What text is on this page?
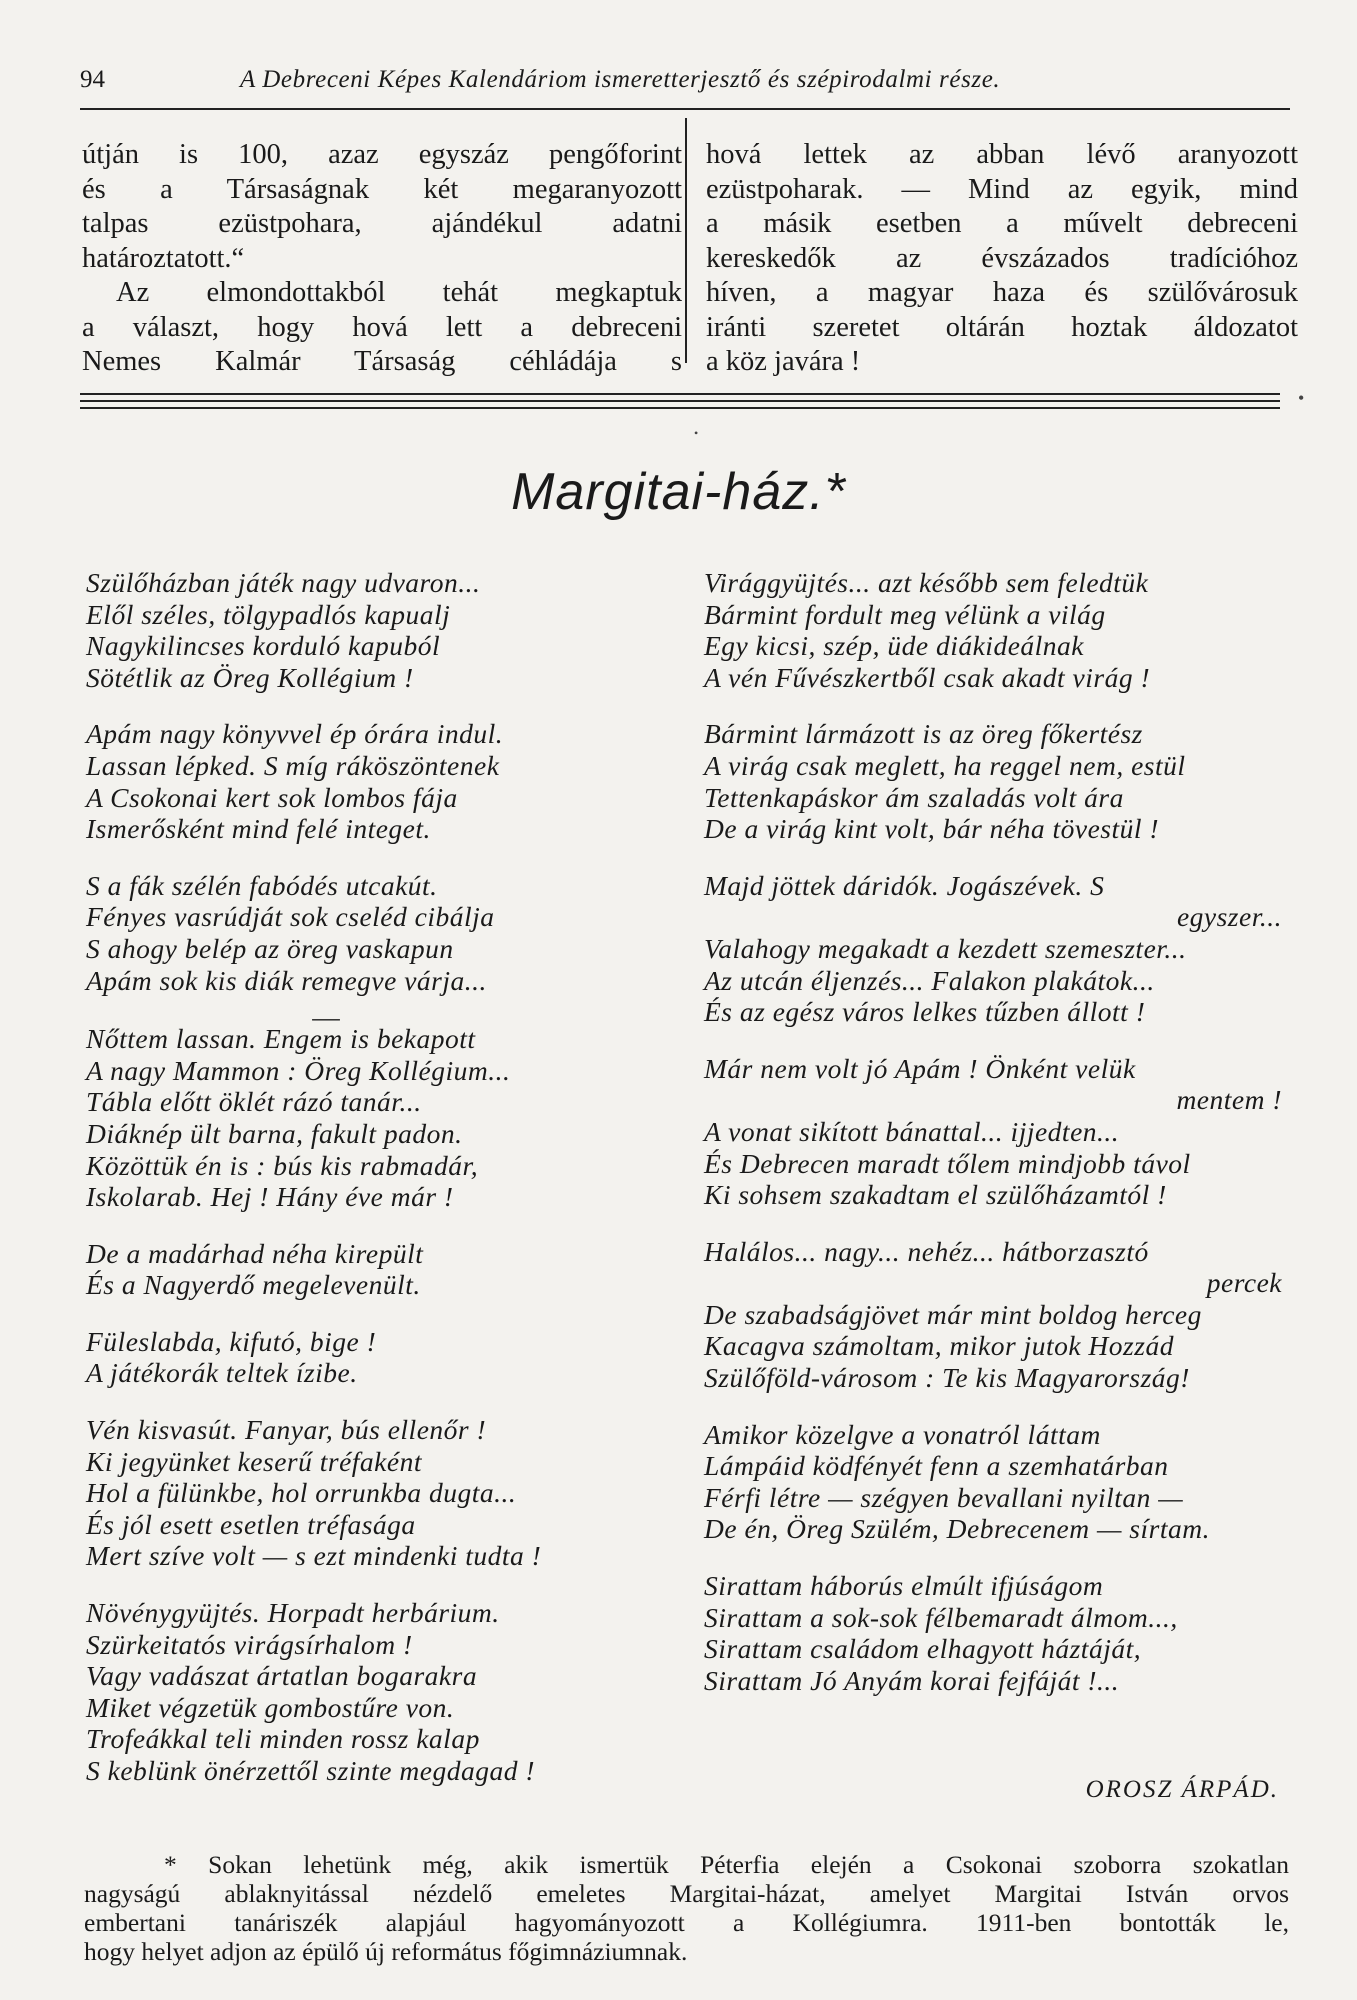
94	A Debreceni Képes Kalendáriom ismeretterjesztő és szépirodalmi része.
útján is 100, azaz egyszáz pengőforint
és a Társaságnak két megaranyozott
talpas ezüstpohara, ajándékul adatni
határoztatott.“
Az elmondottakból tehát megkaptuk
a választ, hogy hová lett a debreceni
Nemes Kalmár Társaság céhládája s
hová lettek az abban lévő aranyozott
ezüstpoharak. — Mind az egyik, mind
a másik esetben a művelt debreceni
kereskedők az évszázados tradícióhoz
híven, a magyar haza és szülővárosuk
iránti szeretet oltárán hoztak áldozatot
a köz javára !
•
•
Margitai-ház.*
Szülőházban játék nagy udvaron...
Elől széles, tölgypadlós kapualj
Nagykilincses korduló kapuból
Sötétlik az Öreg Kollégium !
Apám nagy könyvvel ép órára indul.
Lassan lépked. S míg ráköszöntenek
A Csokonai kert sok lombos fája
Ismerősként mind felé integet.
S a fák szélén fabódés utcakút.
Fényes vasrúdját sok cseléd cibálja
S ahogy belép az öreg vaskapun
Apám sok kis diák remegve várja...
—
Nőttem lassan. Engem is bekapott
A nagy Mammon : Öreg Kollégium...
Tábla előtt öklét rázó tanár...
Diáknép ült barna, fakult padon.
Közöttük én is : bús kis rabmadár,
Iskolarab. Hej ! Hány éve már !
De a madárhad néha kirepült
És a Nagyerdő megelevenült.
Füleslabda, kifutó, bige !
A játékorák teltek ízibe.
Vén kisvasút. Fanyar, bús ellenőr !
Ki jegyünket keserű tréfaként
Hol a fülünkbe, hol orrunkba dugta...
És jól esett esetlen tréfasága
Mert szíve volt — s ezt mindenki tudta !
Növénygyüjtés. Horpadt herbárium.
Szürkeitatós virágsírhalom !
Vagy vadászat ártatlan bogarakra
Miket végzetük gombostűre von.
Trofeákkal teli minden rossz kalap
S keblünk önérzettől szinte megdagad !
Virággyüjtés... azt később sem feledtük
Bármint fordult meg vélünk a világ
Egy kicsi, szép, üde diákideálnak
A vén Fűvészkertből csak akadt virág !
Bármint lármázott is az öreg főkertész
A virág csak meglett, ha reggel nem, estül
Tettenkapáskor ám szaladás volt ára
De a virág kint volt, bár néha tövestül !
Majd jöttek dáridók. Jogászévek. S
egyszer...
Valahogy megakadt a kezdett szemeszter...
Az utcán éljenzés... Falakon plakátok...
És az egész város lelkes tűzben állott !
Már nem volt jó Apám ! Önként velük
mentem !
A vonat sikított bánattal... ijjedten...
És Debrecen maradt tőlem mindjobb távol
Ki sohsem szakadtam el szülőházamtól !
Halálos... nagy... nehéz... hátborzasztó
percek
De szabadságjövet már mint boldog herceg
Kacagva számoltam, mikor jutok Hozzád
Szülőföld-városom : Te kis Magyarország!
Amikor közelgve a vonatról láttam
Lámpáid ködfényét fenn a szemhatárban
Férfi létre — szégyen bevallani nyiltan —
De én, Öreg Szülém, Debrecenem — sírtam.
Sirattam háborús elmúlt ifjúságom
Sirattam a sok-sok félbemaradt álmom...,
Sirattam családom elhagyott háztáját,
Sirattam Jó Anyám korai fejfáját !...
OROSZ ÁRPÁD.
* Sokan lehetünk még, akik ismertük Péterfia elején a Csokonai szoborra szokatlan
nagyságú ablaknyitással nézdelő emeletes Margitai-házat, amelyet Margitai István orvos
embertani tanáriszék alapjául hagyományozott a Kollégiumra. 1911-ben bontották le,
hogy helyet adjon az épülő új református főgimnáziumnak.
